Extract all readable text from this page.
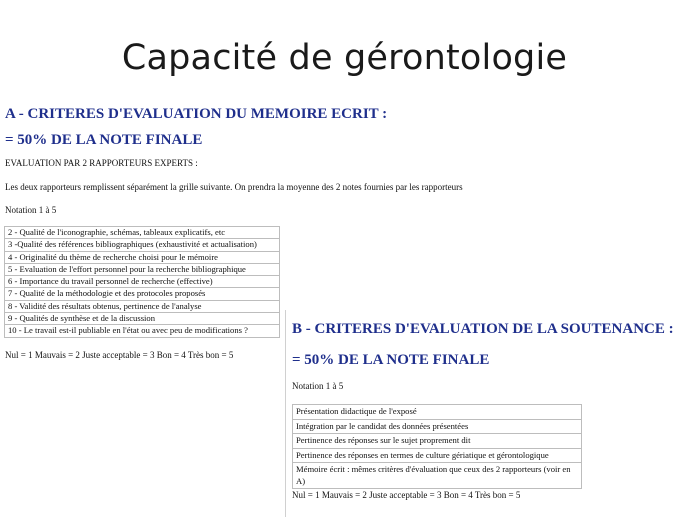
Capacité de gérontologie
A - CRITERES D'EVALUATION DU MEMOIRE ECRIT :
= 50% DE LA NOTE FINALE
EVALUATION PAR 2 RAPPORTEURS EXPERTS :
Les deux rapporteurs remplissent séparément la grille suivante. On prendra la moyenne des 2 notes fournies par les rapporteurs
Notation 1 à 5
2 - Qualité de l'iconographie, schémas, tableaux explicatifs, etc
3 -Qualité des références bibliographiques (exhaustivité et actualisation)
4 - Originalité du thème de recherche choisi pour le mémoire
5 - Evaluation de l'effort personnel pour la recherche bibliographique
6 - Importance du travail personnel de recherche (effective)
7 - Qualité de la méthodologie et des protocoles proposés
8 - Validité des résultats obtenus, pertinence de l'analyse
9 - Qualités de synthèse et de la discussion
10 - Le travail est-il publiable en l'état ou avec peu de modifications ?
Nul = 1 Mauvais = 2 Juste acceptable = 3 Bon = 4 Très bon = 5
B - CRITERES D'EVALUATION DE LA SOUTENANCE :
= 50% DE LA NOTE FINALE
Notation 1 à 5
Présentation didactique de l'exposé
Intégration par le candidat des données présentées
Pertinence des réponses sur le sujet proprement dit
Pertinence des réponses en termes de culture gériatique et gérontologique
Mémoire écrit : mêmes critères d'évaluation que ceux des 2 rapporteurs (voir en A)
Nul = 1 Mauvais = 2 Juste acceptable = 3 Bon = 4 Très bon = 5
